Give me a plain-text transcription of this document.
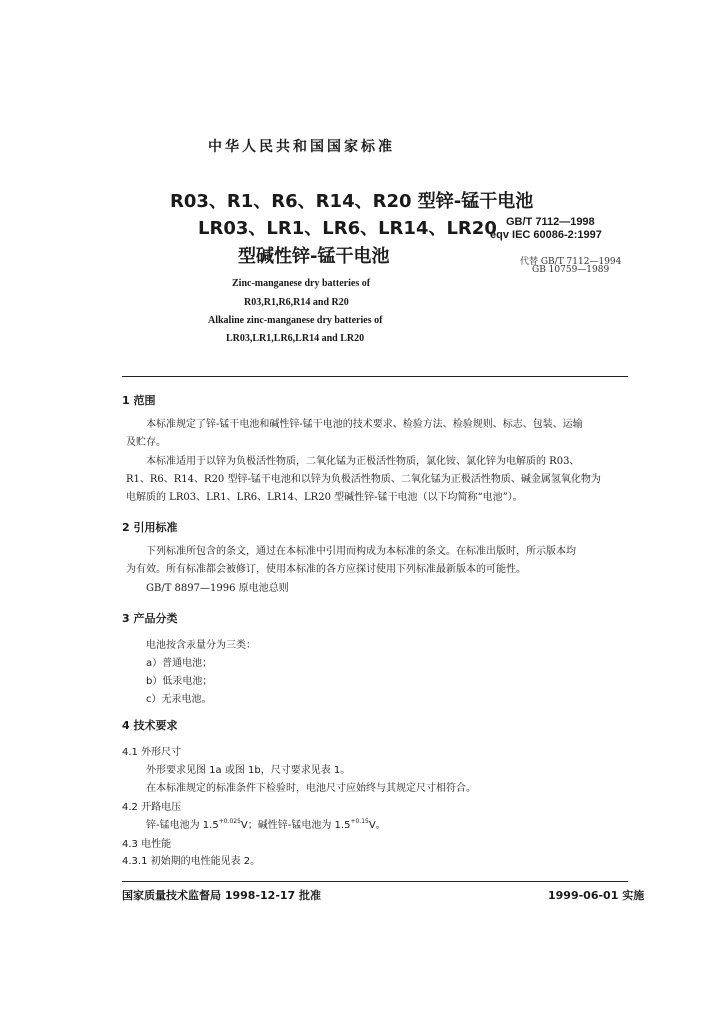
中华人民共和国国家标准
R03、R1、R6、R14、R20 型锌-锰干电池
LR03、LR1、LR6、LR14、LR20
型碱性锌-锰干电池
GB/T 7112—1998
eqv IEC 60086-2:1997
代替 GB/T 7112—1994
GB 10759—1989
Zinc-manganese dry batteries of
R03,R1,R6,R14 and R20
Alkaline zinc-manganese dry batteries of
LR03,LR1,LR6,LR14 and LR20
1 范围
本标准规定了锌-锰干电池和碱性锌-锰干电池的技术要求、检验方法、检验规则、标志、包装、运输
及贮存。
本标准适用于以锌为负极活性物质，二氧化锰为正极活性物质，氯化铵、氯化锌为电解质的 R03、
R1、R6、R14、R20 型锌-锰干电池和以锌为负极活性物质、二氧化锰为正极活性物质、碱金属氢氧化物为
电解质的 LR03、LR1、LR6、LR14、LR20 型碱性锌-锰干电池（以下均简称“电池”）。
2 引用标准
下列标准所包含的条文，通过在本标准中引用而构成为本标准的条文。在标准出版时，所示版本均
为有效。所有标准都会被修订，使用本标准的各方应探讨使用下列标准最新版本的可能性。
GB/T 8897—1996 原电池总则
3 产品分类
电池按含汞量分为三类：
a）普通电池；
b）低汞电池；
c）无汞电池。
4 技术要求
4.1 外形尺寸
外形要求见图 1a 或图 1b，尺寸要求见表 1。
在本标准规定的标准条件下检验时，电池尺寸应始终与其规定尺寸相符合。
4.2 开路电压
锌-锰电池为 $1.5^{+0.025}V$；碱性锌-锰电池为 $1.5^{+0.15}V$。
4.3 电性能
4.3.1 初始期的电性能见表 2。
国家质量技术监督局 1998-12-17 批准	1999-06-01 实施
